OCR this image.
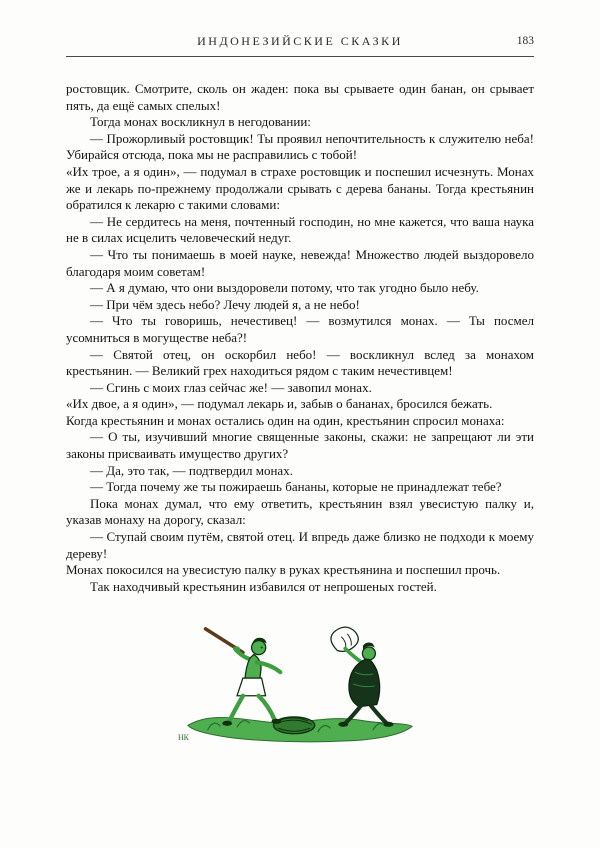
ИНДОНЕЗИЙСКИЕ СКАЗКИ	183

ростовщик. Смотрите, сколь он жаден: пока вы срываете один банан, он срывает пять, да ещё самых спелых!

Тогда монах воскликнул в негодовании:

— Прожорливый ростовщик! Ты проявил непочтительность к служителю неба! Убирайся отсюда, пока мы не расправились с тобой!

«Их трое, а я один», — подумал в страхе ростовщик и поспешил исчезнуть. Монах же и лекарь по-прежнему продолжали срывать с дерева бананы. Тогда крестьянин обратился к лекарю с такими словами:

— Не сердитесь на меня, почтенный господин, но мне кажется, что ваша наука не в силах исцелить человеческий недуг.

— Что ты понимаешь в моей науке, невежда! Множество людей выздоровело благодаря моим советам!

— А я думаю, что они выздоровели потому, что так угодно было небу.

— При чём здесь небо? Лечу людей я, а не небо!

— Что ты говоришь, нечестивец! — возмутился монах. — Ты посмел усомниться в могуществе неба?!

— Святой отец, он оскорбил небо! — воскликнул вслед за монахом крестьянин. — Великий грех находиться рядом с таким нечестивцем!

— Сгинь с моих глаз сейчас же! — завопил монах.

«Их двое, а я один», — подумал лекарь и, забыв о бананах, бросился бежать.

Когда крестьянин и монах остались один на один, крестьянин спросил монаха:

— О ты, изучивший многие священные законы, скажи: не запрещают ли эти законы присваивать имущество других?

— Да, это так, — подтвердил монах.

— Тогда почему же ты пожираешь бананы, которые не принадлежат тебе?

Пока монах думал, что ему ответить, крестьянин взял увесистую палку и, указав монаху на дорогу, сказал:

— Ступай своим путём, святой отец. И впредь даже близко не подходи к моему дереву!

Монах покосился на увесистую палку в руках крестьянина и поспешил прочь.

Так находчивый крестьянин избавился от непрошеных гостей.

НК
